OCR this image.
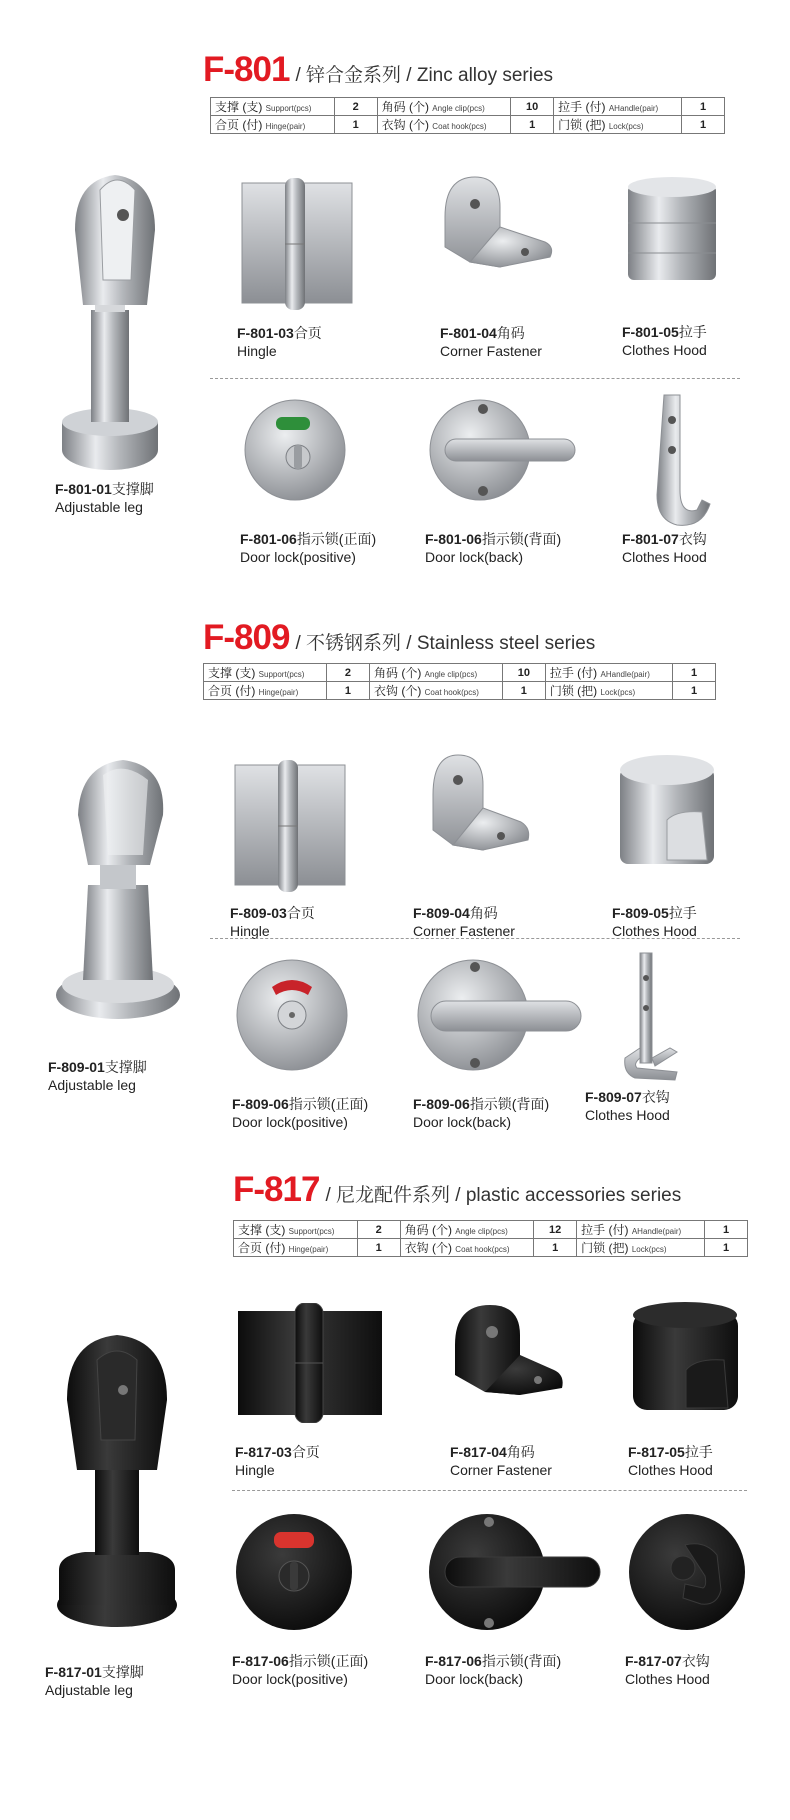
F-801 / 锌合金系列 / Zinc alloy series
支撑 (支) Support(pcs)	2	角码 (个) Angle clip(pcs)	10	拉手 (付) AHandle(pair)	1
合页 (付) Hinge(pair)	1	衣钩 (个) Coat hook(pcs)	1	门锁 (把) Lock(pcs)	1
F-801-01支撑脚
Adjustable leg
F-801-03合页
Hingle
F-801-04角码
Corner Fastener
F-801-05拉手
Clothes Hood
F-801-06指示锁(正面)
Door lock(positive)
F-801-06指示锁(背面)
Door lock(back)
F-801-07衣钩
Clothes Hood
F-809 / 不锈钢系列 / Stainless steel series
支撑 (支) Support(pcs)	2	角码 (个) Angle clip(pcs)	10	拉手 (付) AHandle(pair)	1
合页 (付) Hinge(pair)	1	衣钩 (个) Coat hook(pcs)	1	门锁 (把) Lock(pcs)	1
F-809-01支撑脚
Adjustable leg
F-809-03合页
Hingle
F-809-04角码
Corner Fastener
F-809-05拉手
Clothes Hood
F-809-06指示锁(正面)
Door lock(positive)
F-809-06指示锁(背面)
Door lock(back)
F-809-07衣钩
Clothes Hood
F-817 / 尼龙配件系列 / plastic accessories series
支撑 (支) Support(pcs)	2	角码 (个) Angle clip(pcs)	12	拉手 (付) AHandle(pair)	1
合页 (付) Hinge(pair)	1	衣钩 (个) Coat hook(pcs)	1	门锁 (把) Lock(pcs)	1
F-817-01支撑脚
Adjustable leg
F-817-03合页
Hingle
F-817-04角码
Corner Fastener
F-817-05拉手
Clothes Hood
F-817-06指示锁(正面)
Door lock(positive)
F-817-06指示锁(背面)
Door lock(back)
F-817-07衣钩
Clothes Hood
